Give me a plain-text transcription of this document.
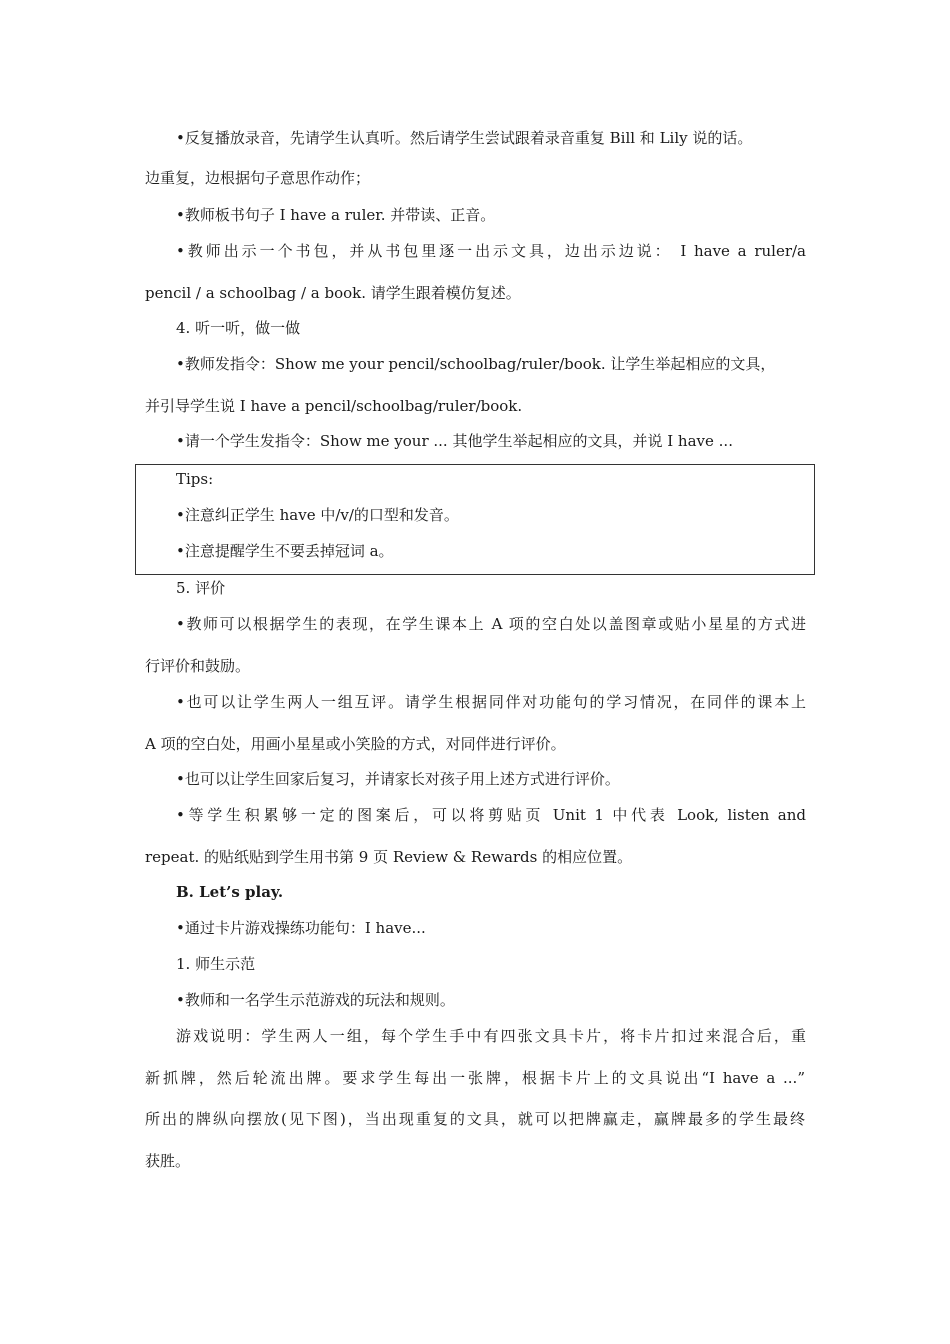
•反复播放录音，先请学生认真听。然后请学生尝试跟着录音重复 Bill 和 Lily 说的话。
边重复，边根据句子意思作动作；
•教师板书句子 I have a ruler. 并带读、正音。
•教师出示一个书包，并从书包里逐一出示文具，边出示边说： I have a ruler/a
pencil / a schoolbag / a book. 请学生跟着模仿复述。
4. 听一听，做一做
•教师发指令：Show me your pencil/schoolbag/ruler/book. 让学生举起相应的文具，
并引导学生说 I have a pencil/schoolbag/ruler/book.
•请一个学生发指令：Show me your ... 其他学生举起相应的文具，并说 I have ...
Tips:
•注意纠正学生 have 中/v/的口型和发音。
•注意提醒学生不要丢掉冠词 a。
5. 评价
•教师可以根据学生的表现，在学生课本上 A 项的空白处以盖图章或贴小星星的方式进
行评价和鼓励。
•也可以让学生两人一组互评。请学生根据同伴对功能句的学习情况，在同伴的课本上
A 项的空白处，用画小星星或小笑脸的方式，对同伴进行评价。
•也可以让学生回家后复习，并请家长对孩子用上述方式进行评价。
•等学生积累够一定的图案后，可以将剪贴页 Unit 1 中代表 Look, listen and
repeat. 的贴纸贴到学生用书第 9 页 Review & Rewards 的相应位置。
B. Let’s play.
•通过卡片游戏操练功能句：I have...
1. 师生示范
•教师和一名学生示范游戏的玩法和规则。
游戏说明：学生两人一组，每个学生手中有四张文具卡片，将卡片扣过来混合后，重
新抓牌，然后轮流出牌。要求学生每出一张牌，根据卡片上的文具说出“I have a ...”
所出的牌纵向摆放(见下图)，当出现重复的文具，就可以把牌赢走，赢牌最多的学生最终
获胜。
